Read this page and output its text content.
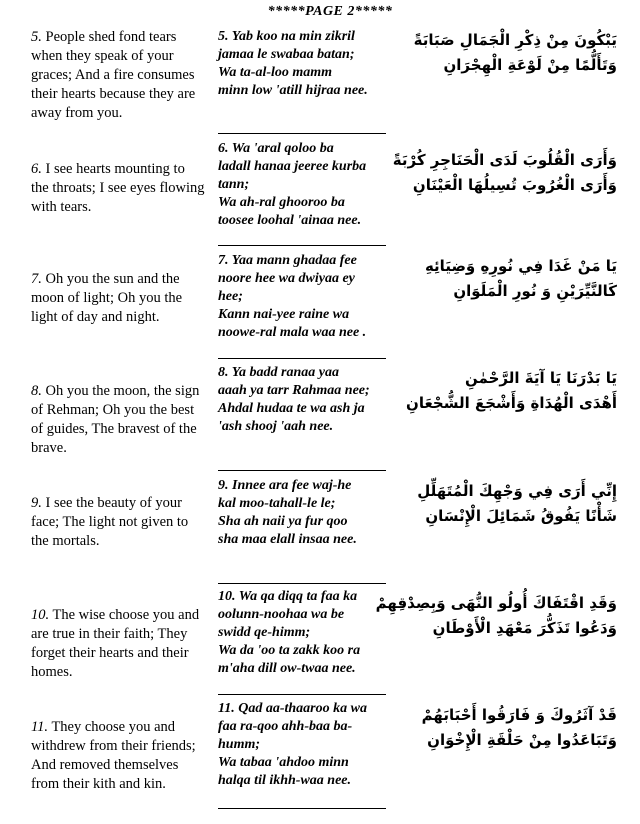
*****PAGE 2*****
5. People shed fond tears when they speak of your graces; And a fire consumes their hearts because they are away from you.
5. Yab koo na min zikril
jamaa le swabaa batan;
Wa ta-al-loo mamm
minn low 'atill hijraa nee.
يَبْكُونَ مِنْ ذِكْرِ الْجَمَالِ صَبَابَةً
وَتَأَلُّمًا مِنْ لَوْعَةِ الْهِجْرَانِ
6. I see hearts mounting to the throats; I see eyes flowing with tears.
6. Wa 'aral qoloo ba
ladall hanaa jeeree kurba
tann;
Wa ah-ral ghooroo ba
toosee loohal 'ainaa nee.
وَأَرَى الْقُلُوبَ لَدَى الْحَنَاجِرِ كُرْبَةً
وَأَرَى الْغُرُوبَ تُسِيلُهَا الْعَيْنَانِ
7. Oh you the sun and the moon of light; Oh you the light of day and night.
7. Yaa mann ghadaa fee
noore hee wa dwiyaa ey
hee;
Kann nai-yee raine wa
noowe-ral mala waa nee .
يَا مَنْ غَدَا فِي نُورِهِ وَضِيَائِهِ
كَالنَّيِّرَيْنِ وَ نُورِ الْمَلَوَانِ
8. Oh you the moon, the sign of Rehman; Oh you the best of guides, The bravest of the brave.
8. Ya badd ranaa yaa
aaah ya tarr Rahmaa nee;
Ahdal hudaa te wa ash ja
'ash shooj 'aah nee.
يَا بَدْرَنَا يَا آيَةَ الرَّحْمٰنِ
أَهْدَى الْهُدَاةِ وَأَشْجَعَ الشُّجْعَانِ
9. I see the beauty of your face; The light not given to the mortals.
9. Innee ara fee waj-he
kal moo-tahall-le le;
Sha ah naii ya fur qoo
sha maa elall insaa nee.
إِنِّي أَرَى فِي وَجْهِكَ الْمُتَهَلِّلِ
شَأْنًا يَفُوقُ شَمَائِلَ الْإِنْسَانِ
10. The wise choose you and are true in their faith; They forget their hearts and their homes.
10. Wa qa diqq ta faa ka
oolunn-noohaa wa be
swidd qe-himm;
Wa da 'oo ta zakk koo ra
m'aha dill ow-twaa nee.
وَقَدِ اقْتَفَاكَ أُولُو النُّهَى وَبِصِدْقِهِمْ
وَدَعُوا تَذَكُّرَ مَعْهَدِ الْأَوْطَانِ
11. They choose you and withdrew from their friends; And removed themselves from their kith and kin.
11. Qad aa-thaaroo ka wa
faa ra-qoo ahh-baa ba-
humm;
Wa tabaa 'ahdoo minn
halqa til ikhh-waa nee.
قَدْ آثَرُوكَ وَ فَارَقُوا أَحْبَابَهُمْ
وَتَبَاعَدُوا مِنْ حَلْقَةِ الْإِخْوَانِ
